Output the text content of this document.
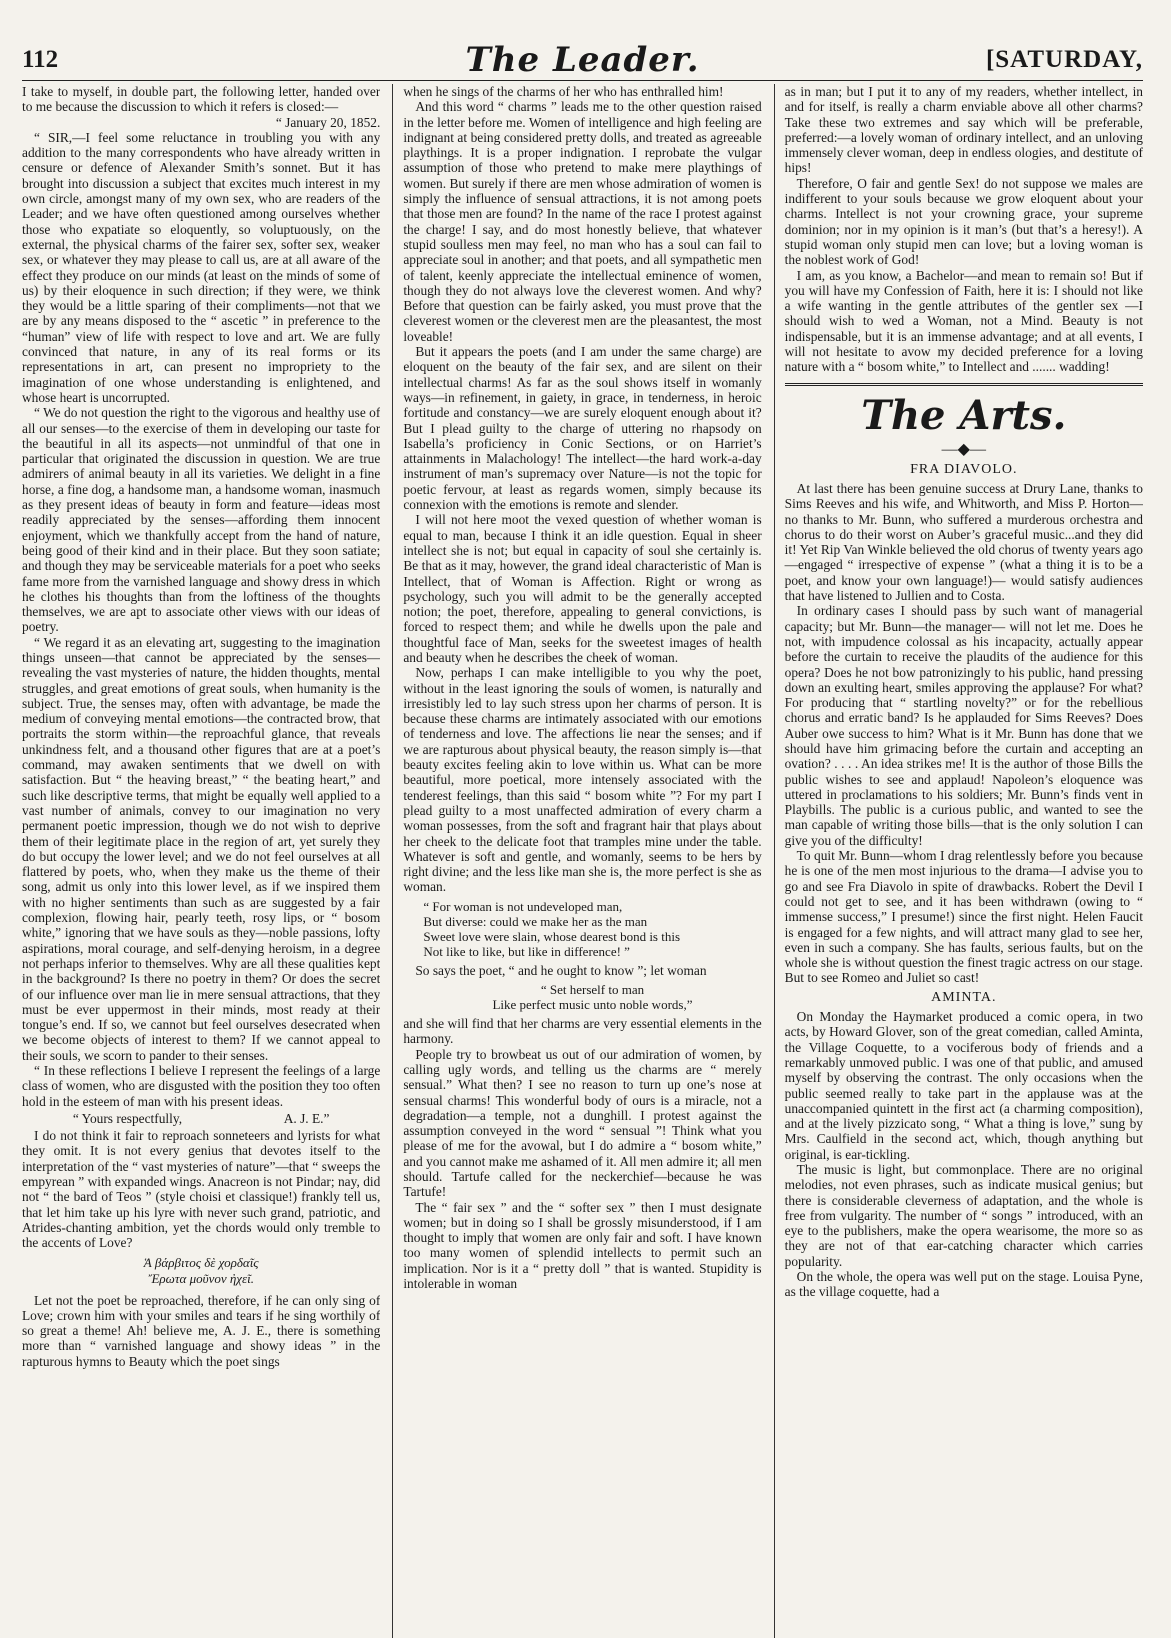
112	The Leader.	[SATURDAY,

I take to myself, in double part, the following letter, handed over to me because the discussion to which it refers is closed:—

“ January 20, 1852.

“ SIR,—I feel some reluctance in troubling you with any addition to the many correspondents who have already written in censure or defence of Alexander Smith’s sonnet. But it has brought into discussion a subject that excites much interest in my own circle, amongst many of my own sex, who are readers of the Leader; and we have often questioned among ourselves whether those who expatiate so eloquently, so voluptuously, on the external, the physical charms of the fairer sex, softer sex, weaker sex, or whatever they may please to call us, are at all aware of the effect they produce on our minds (at least on the minds of some of us) by their eloquence in such direction; if they were, we think they would be a little sparing of their compliments—not that we are by any means disposed to the “ ascetic ” in preference to the “human” view of life with respect to love and art. We are fully convinced that nature, in any of its real forms or its representations in art, can present no impropriety to the imagination of one whose understanding is enlightened, and whose heart is uncorrupted.

“ We do not question the right to the vigorous and healthy use of all our senses—to the exercise of them in developing our taste for the beautiful in all its aspects—not unmindful of that one in particular that originated the discussion in question. We are true admirers of animal beauty in all its varieties. We delight in a fine horse, a fine dog, a handsome man, a handsome woman, inasmuch as they present ideas of beauty in form and feature—ideas most readily appreciated by the senses—affording them innocent enjoyment, which we thankfully accept from the hand of nature, being good of their kind and in their place. But they soon satiate; and though they may be serviceable materials for a poet who seeks fame more from the varnished language and showy dress in which he clothes his thoughts than from the loftiness of the thoughts themselves, we are apt to associate other views with our ideas of poetry.

“ We regard it as an elevating art, suggesting to the imagination things unseen—that cannot be appreciated by the senses—revealing the vast mysteries of nature, the hidden thoughts, mental struggles, and great emotions of great souls, when humanity is the subject. True, the senses may, often with advantage, be made the medium of conveying mental emotions—the contracted brow, that portraits the storm within—the reproachful glance, that reveals unkindness felt, and a thousand other figures that are at a poet’s command, may awaken sentiments that we dwell on with satisfaction. But “ the heaving breast,” “ the beating heart,” and such like descriptive terms, that might be equally well applied to a vast number of animals, convey to our imagination no very permanent poetic impression, though we do not wish to deprive them of their legitimate place in the region of art, yet surely they do but occupy the lower level; and we do not feel ourselves at all flattered by poets, who, when they make us the theme of their song, admit us only into this lower level, as if we inspired them with no higher sentiments than such as are suggested by a fair complexion, flowing hair, pearly teeth, rosy lips, or “ bosom white,” ignoring that we have souls as they—noble passions, lofty aspirations, moral courage, and self-denying heroism, in a degree not perhaps inferior to themselves. Why are all these qualities kept in the background? Is there no poetry in them? Or does the secret of our influence over man lie in mere sensual attractions, that they must be ever uppermost in their minds, most ready at their tongue’s end. If so, we cannot but feel ourselves desecrated when we become objects of interest to them? If we cannot appeal to their souls, we scorn to pander to their senses.

“ In these reflections I believe I represent the feelings of a large class of women, who are disgusted with the position they too often hold in the esteem of man with his present ideas.

“ Yours respectfully,	A. J. E.”

I do not think it fair to reproach sonneteers and lyrists for what they omit. It is not every genius that devotes itself to the interpretation of the “ vast mysteries of nature”—that “ sweeps the empyrean ” with expanded wings. Anacreon is not Pindar; nay, did not “ the bard of Teos ” (style choisi et classique!) frankly tell us, that let him take up his lyre with never such grand, patriotic, and Atrides-chanting ambition, yet the chords would only tremble to the accents of Love?

Ἁ βάρβιτος δὲ χορδαῖς
Ἔρωτα μοῦνον ἠχεῖ.

Let not the poet be reproached, therefore, if he can only sing of Love; crown him with your smiles and tears if he sing worthily of so great a theme! Ah! believe me, A. J. E., there is something more than “ varnished language and showy ideas ” in the rapturous hymns to Beauty which the poet sings

when he sings of the charms of her who has enthralled him!

And this word “ charms ” leads me to the other question raised in the letter before me. Women of intelligence and high feeling are indignant at being considered pretty dolls, and treated as agreeable playthings. It is a proper indignation. I reprobate the vulgar assumption of those who pretend to make mere playthings of women. But surely if there are men whose admiration of women is simply the influence of sensual attractions, it is not among poets that those men are found? In the name of the race I protest against the charge! I say, and do most honestly believe, that whatever stupid soulless men may feel, no man who has a soul can fail to appreciate soul in another; and that poets, and all sympathetic men of talent, keenly appreciate the intellectual eminence of women, though they do not always love the cleverest women. And why? Before that question can be fairly asked, you must prove that the cleverest women or the cleverest men are the pleasantest, the most loveable!

But it appears the poets (and I am under the same charge) are eloquent on the beauty of the fair sex, and are silent on their intellectual charms! As far as the soul shows itself in womanly ways—in refinement, in gaiety, in grace, in tenderness, in heroic fortitude and constancy—we are surely eloquent enough about it? But I plead guilty to the charge of uttering no rhapsody on Isabella’s proficiency in Conic Sections, or on Harriet’s attainments in Malachology! The intellect—the hard work-a-day instrument of man’s supremacy over Nature—is not the topic for poetic fervour, at least as regards women, simply because its connexion with the emotions is remote and slender.

I will not here moot the vexed question of whether woman is equal to man, because I think it an idle question. Equal in sheer intellect she is not; but equal in capacity of soul she certainly is. Be that as it may, however, the grand ideal characteristic of Man is Intellect, that of Woman is Affection. Right or wrong as psychology, such you will admit to be the generally accepted notion; the poet, therefore, appealing to general convictions, is forced to respect them; and while he dwells upon the pale and thoughtful face of Man, seeks for the sweetest images of health and beauty when he describes the cheek of woman.

Now, perhaps I can make intelligible to you why the poet, without in the least ignoring the souls of women, is naturally and irresistibly led to lay such stress upon her charms of person. It is because these charms are intimately associated with our emotions of tenderness and love. The affections lie near the senses; and if we are rapturous about physical beauty, the reason simply is—that beauty excites feeling akin to love within us. What can be more beautiful, more poetical, more intensely associated with the tenderest feelings, than this said “ bosom white ”? For my part I plead guilty to a most unaffected admiration of every charm a woman possesses, from the soft and fragrant hair that plays about her cheek to the delicate foot that tramples mine under the table. Whatever is soft and gentle, and womanly, seems to be hers by right divine; and the less like man she is, the more perfect is she as woman.

“ For woman is not undeveloped man,
But diverse: could we make her as the man
Sweet love were slain, whose dearest bond is this
Not like to like, but like in difference! ”

So says the poet, “ and he ought to know ”; let woman

“ Set herself to man
Like perfect music unto noble words,”

and she will find that her charms are very essential elements in the harmony.

People try to browbeat us out of our admiration of women, by calling ugly words, and telling us the charms are “ merely sensual.” What then? I see no reason to turn up one’s nose at sensual charms! This wonderful body of ours is a miracle, not a degradation—a temple, not a dunghill. I protest against the assumption conveyed in the word “ sensual ”! Think what you please of me for the avowal, but I do admire a “ bosom white,” and you cannot make me ashamed of it. All men admire it; all men should. Tartufe called for the neckerchief—because he was Tartufe!

The “ fair sex ” and the “ softer sex ” then I must designate women; but in doing so I shall be grossly misunderstood, if I am thought to imply that women are only fair and soft. I have known too many women of splendid intellects to permit such an implication. Nor is it a “ pretty doll ” that is wanted. Stupidity is intolerable in woman

as in man; but I put it to any of my readers, whether intellect, in and for itself, is really a charm enviable above all other charms? Take these two extremes and say which will be preferable, preferred:—a lovely woman of ordinary intellect, and an unloving immensely clever woman, deep in endless ologies, and destitute of hips!

Therefore, O fair and gentle Sex! do not suppose we males are indifferent to your souls because we grow eloquent about your charms. Intellect is not your crowning grace, your supreme dominion; nor in my opinion is it man’s (but that’s a heresy!). A stupid woman only stupid men can love; but a loving woman is the noblest work of God!

I am, as you know, a Bachelor—and mean to remain so! But if you will have my Confession of Faith, here it is: I should not like a wife wanting in the gentle attributes of the gentler sex —I should wish to wed a Woman, not a Mind. Beauty is not indispensable, but it is an immense advantage; and at all events, I will not hesitate to avow my decided preference for a loving nature with a “ bosom white,” to Intellect and ....... wadding!

The Arts.
—◆—
FRA DIAVOLO.

At last there has been genuine success at Drury Lane, thanks to Sims Reeves and his wife, and Whitworth, and Miss P. Horton—no thanks to Mr. Bunn, who suffered a murderous orchestra and chorus to do their worst on Auber’s graceful music...and they did it! Yet Rip Van Winkle believed the old chorus of twenty years ago—engaged “ irrespective of expense ” (what a thing it is to be a poet, and know your own language!)— would satisfy audiences that have listened to Jullien and to Costa.

In ordinary cases I should pass by such want of managerial capacity; but Mr. Bunn—the manager— will not let me. Does he not, with impudence colossal as his incapacity, actually appear before the curtain to receive the plaudits of the audience for this opera? Does he not bow patronizingly to his public, hand pressing down an exulting heart, smiles approving the applause? For what? For producing that “ startling novelty?” or for the rebellious chorus and erratic band? Is he applauded for Sims Reeves? Does Auber owe success to him? What is it Mr. Bunn has done that we should have him grimacing before the curtain and accepting an ovation? . . . . An idea strikes me! It is the author of those Bills the public wishes to see and applaud! Napoleon’s eloquence was uttered in proclamations to his soldiers; Mr. Bunn’s finds vent in Playbills. The public is a curious public, and wanted to see the man capable of writing those bills—that is the only solution I can give you of the difficulty!

To quit Mr. Bunn—whom I drag relentlessly before you because he is one of the men most injurious to the drama—I advise you to go and see Fra Diavolo in spite of drawbacks. Robert the Devil I could not get to see, and it has been withdrawn (owing to “ immense success,” I presume!) since the first night. Helen Faucit is engaged for a few nights, and will attract many glad to see her, even in such a company. She has faults, serious faults, but on the whole she is without question the finest tragic actress on our stage. But to see Romeo and Juliet so cast!

AMINTA.

On Monday the Haymarket produced a comic opera, in two acts, by Howard Glover, son of the great comedian, called Aminta, the Village Coquette, to a vociferous body of friends and a remarkably unmoved public. I was one of that public, and amused myself by observing the contrast. The only occasions when the public seemed really to take part in the applause was at the unaccompanied quintett in the first act (a charming composition), and at the lively pizzicato song, “ What a thing is love,” sung by Mrs. Caulfield in the second act, which, though anything but original, is ear-tickling.

The music is light, but commonplace. There are no original melodies, not even phrases, such as indicate musical genius; but there is considerable cleverness of adaptation, and the whole is free from vulgarity. The number of “ songs ” introduced, with an eye to the publishers, make the opera wearisome, the more so as they are not of that ear-catching character which carries popularity.

On the whole, the opera was well put on the stage. Louisa Pyne, as the village coquette, had a
